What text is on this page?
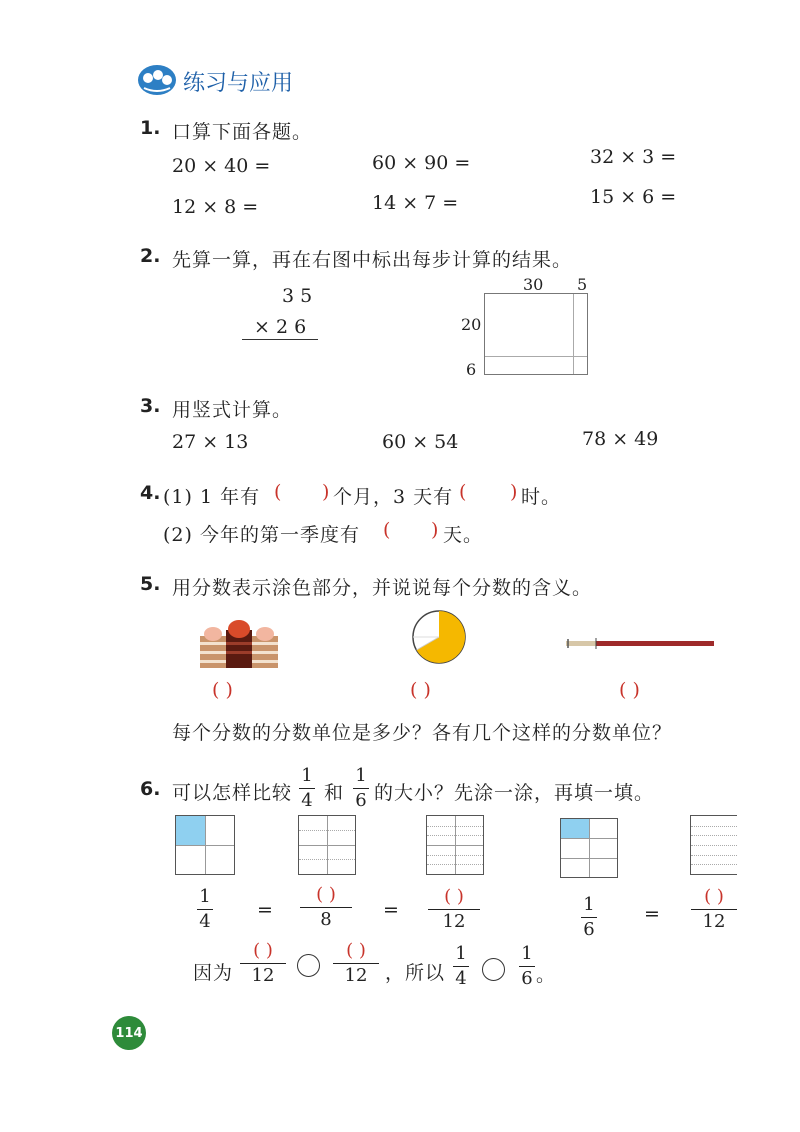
练习与应用
1. 口算下面各题。
20 × 40 =	60 × 90 =	32 × 3 =
12 × 8 =	14 × 7 =	15 × 6 =
2. 先算一算，再在右图中标出每步计算的结果。
3 5
× 2 6
30 5
20
6
3. 用竖式计算。
27 × 13	60 × 54	78 × 49
4. (1) 1 年有 ( ) 个月，3 天有 ( ) 时。
(2) 今年的第一季度有 ( ) 天。
5. 用分数表示涂色部分，并说说每个分数的含义。
( )	( )	( )
每个分数的分数单位是多少？各有几个这样的分数单位？
6. 可以怎样比较
1
4 和
1
6 的大小？先涂一涂，再填一填。
1
4
=
( )
8	=
( )
12
1
6
=
( )
12
因为
( )
12
( )
12 ，所以
1
4
1
6 。
114
